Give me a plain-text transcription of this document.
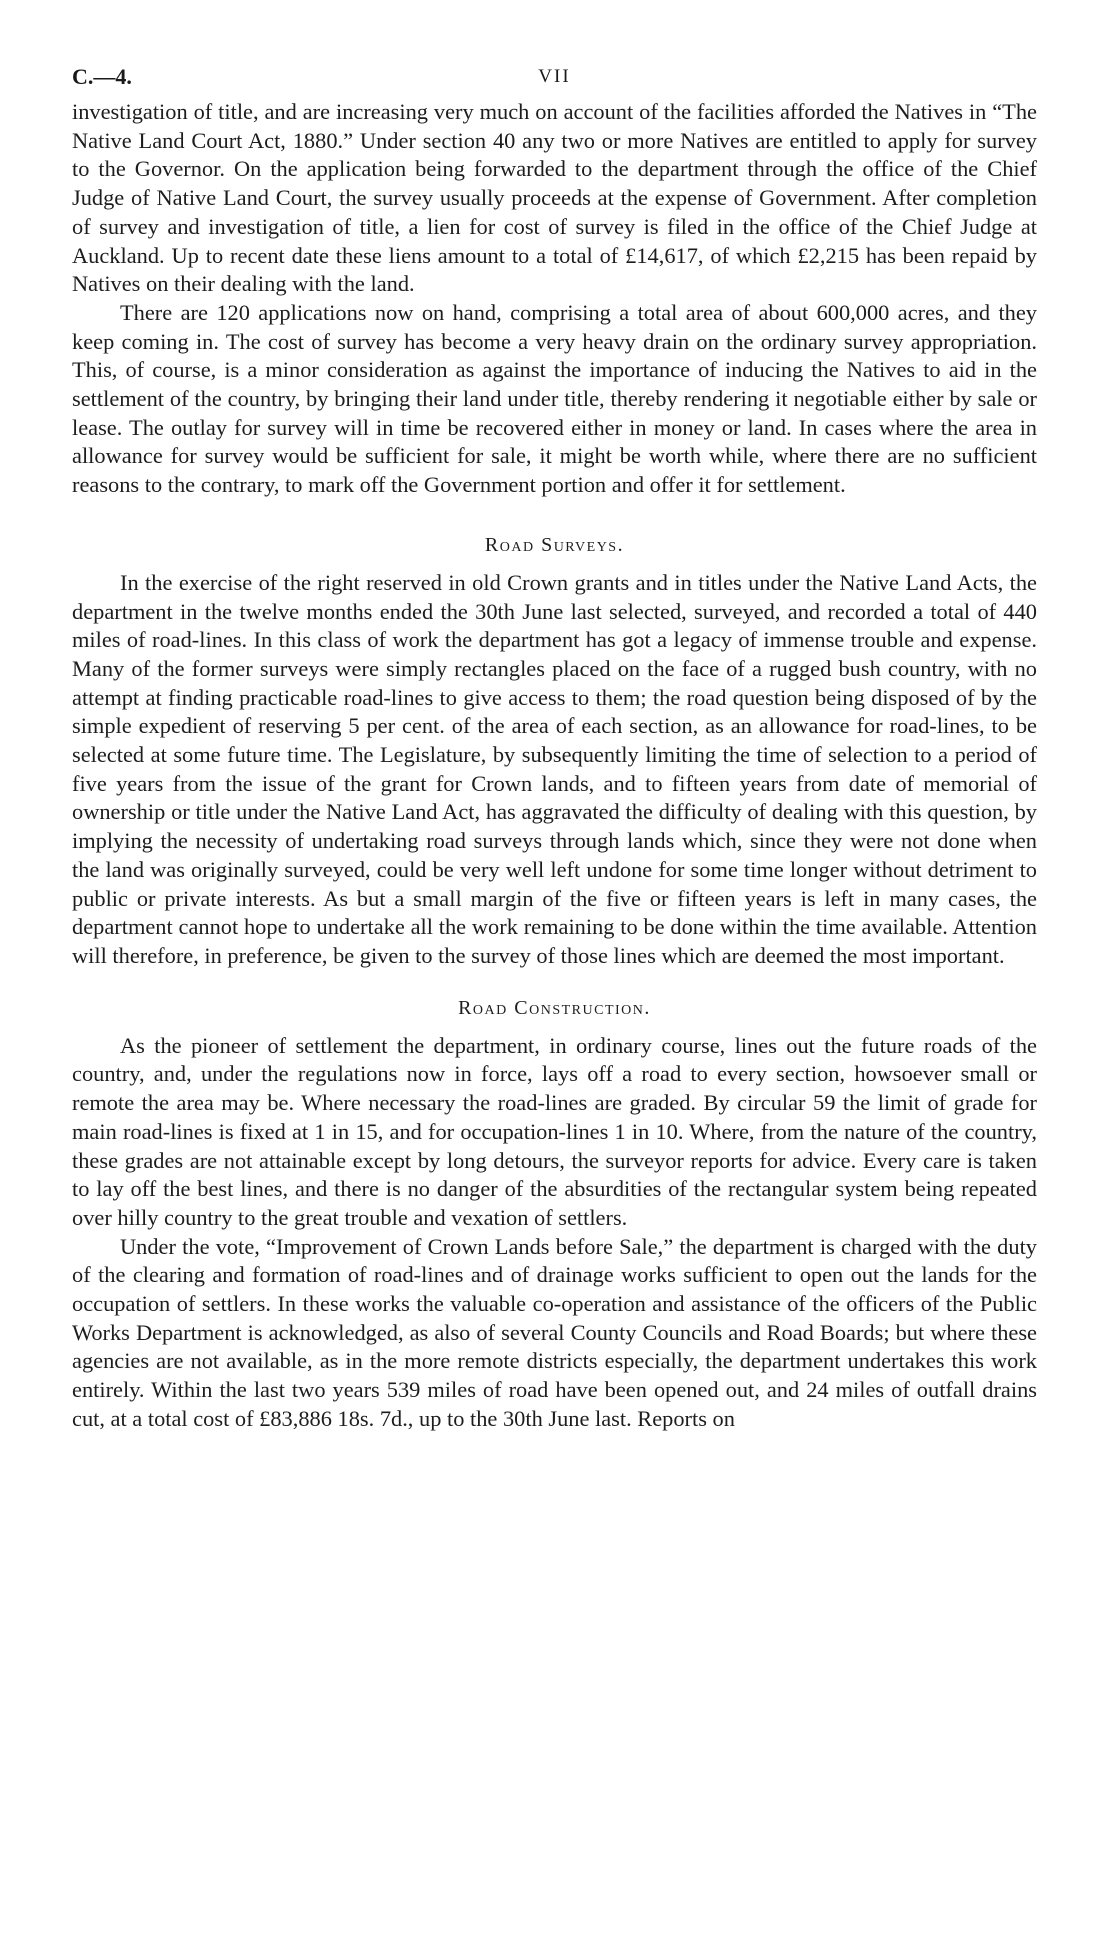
C.—4.	VII

investigation of title, and are increasing very much on account of the facilities afforded the Natives in “The Native Land Court Act, 1880.” Under section 40 any two or more Natives are entitled to apply for survey to the Governor. On the application being forwarded to the department through the office of the Chief Judge of Native Land Court, the survey usually proceeds at the expense of Government. After completion of survey and investigation of title, a lien for cost of survey is filed in the office of the Chief Judge at Auckland. Up to recent date these liens amount to a total of £14,617, of which £2,215 has been repaid by Natives on their dealing with the land.

There are 120 applications now on hand, comprising a total area of about 600,000 acres, and they keep coming in. The cost of survey has become a very heavy drain on the ordinary survey appropriation. This, of course, is a minor consideration as against the importance of inducing the Natives to aid in the settlement of the country, by bringing their land under title, thereby rendering it negotiable either by sale or lease. The outlay for survey will in time be recovered either in money or land. In cases where the area in allowance for survey would be sufficient for sale, it might be worth while, where there are no sufficient reasons to the contrary, to mark off the Government portion and offer it for settlement.

Road Surveys.

In the exercise of the right reserved in old Crown grants and in titles under the Native Land Acts, the department in the twelve months ended the 30th June last selected, surveyed, and recorded a total of 440 miles of road-lines. In this class of work the department has got a legacy of immense trouble and expense. Many of the former surveys were simply rectangles placed on the face of a rugged bush country, with no attempt at finding practicable road-lines to give access to them; the road question being disposed of by the simple expedient of reserving 5 per cent. of the area of each section, as an allowance for road-lines, to be selected at some future time. The Legislature, by subsequently limiting the time of selection to a period of five years from the issue of the grant for Crown lands, and to fifteen years from date of memorial of ownership or title under the Native Land Act, has aggravated the difficulty of dealing with this question, by implying the necessity of undertaking road surveys through lands which, since they were not done when the land was originally surveyed, could be very well left undone for some time longer without detriment to public or private interests. As but a small margin of the five or fifteen years is left in many cases, the department cannot hope to undertake all the work remaining to be done within the time available. Attention will therefore, in preference, be given to the survey of those lines which are deemed the most important.

Road Construction.

As the pioneer of settlement the department, in ordinary course, lines out the future roads of the country, and, under the regulations now in force, lays off a road to every section, howsoever small or remote the area may be. Where necessary the road-lines are graded. By circular 59 the limit of grade for main road-lines is fixed at 1 in 15, and for occupation-lines 1 in 10. Where, from the nature of the country, these grades are not attainable except by long detours, the surveyor reports for advice. Every care is taken to lay off the best lines, and there is no danger of the absurdities of the rectangular system being repeated over hilly country to the great trouble and vexation of settlers.

Under the vote, “Improvement of Crown Lands before Sale,” the department is charged with the duty of the clearing and formation of road-lines and of drainage works sufficient to open out the lands for the occupation of settlers. In these works the valuable co-operation and assistance of the officers of the Public Works Department is acknowledged, as also of several County Councils and Road Boards; but where these agencies are not available, as in the more remote districts especially, the department undertakes this work entirely. Within the last two years 539 miles of road have been opened out, and 24 miles of outfall drains cut, at a total cost of £83,886 18s. 7d., up to the 30th June last. Reports on
